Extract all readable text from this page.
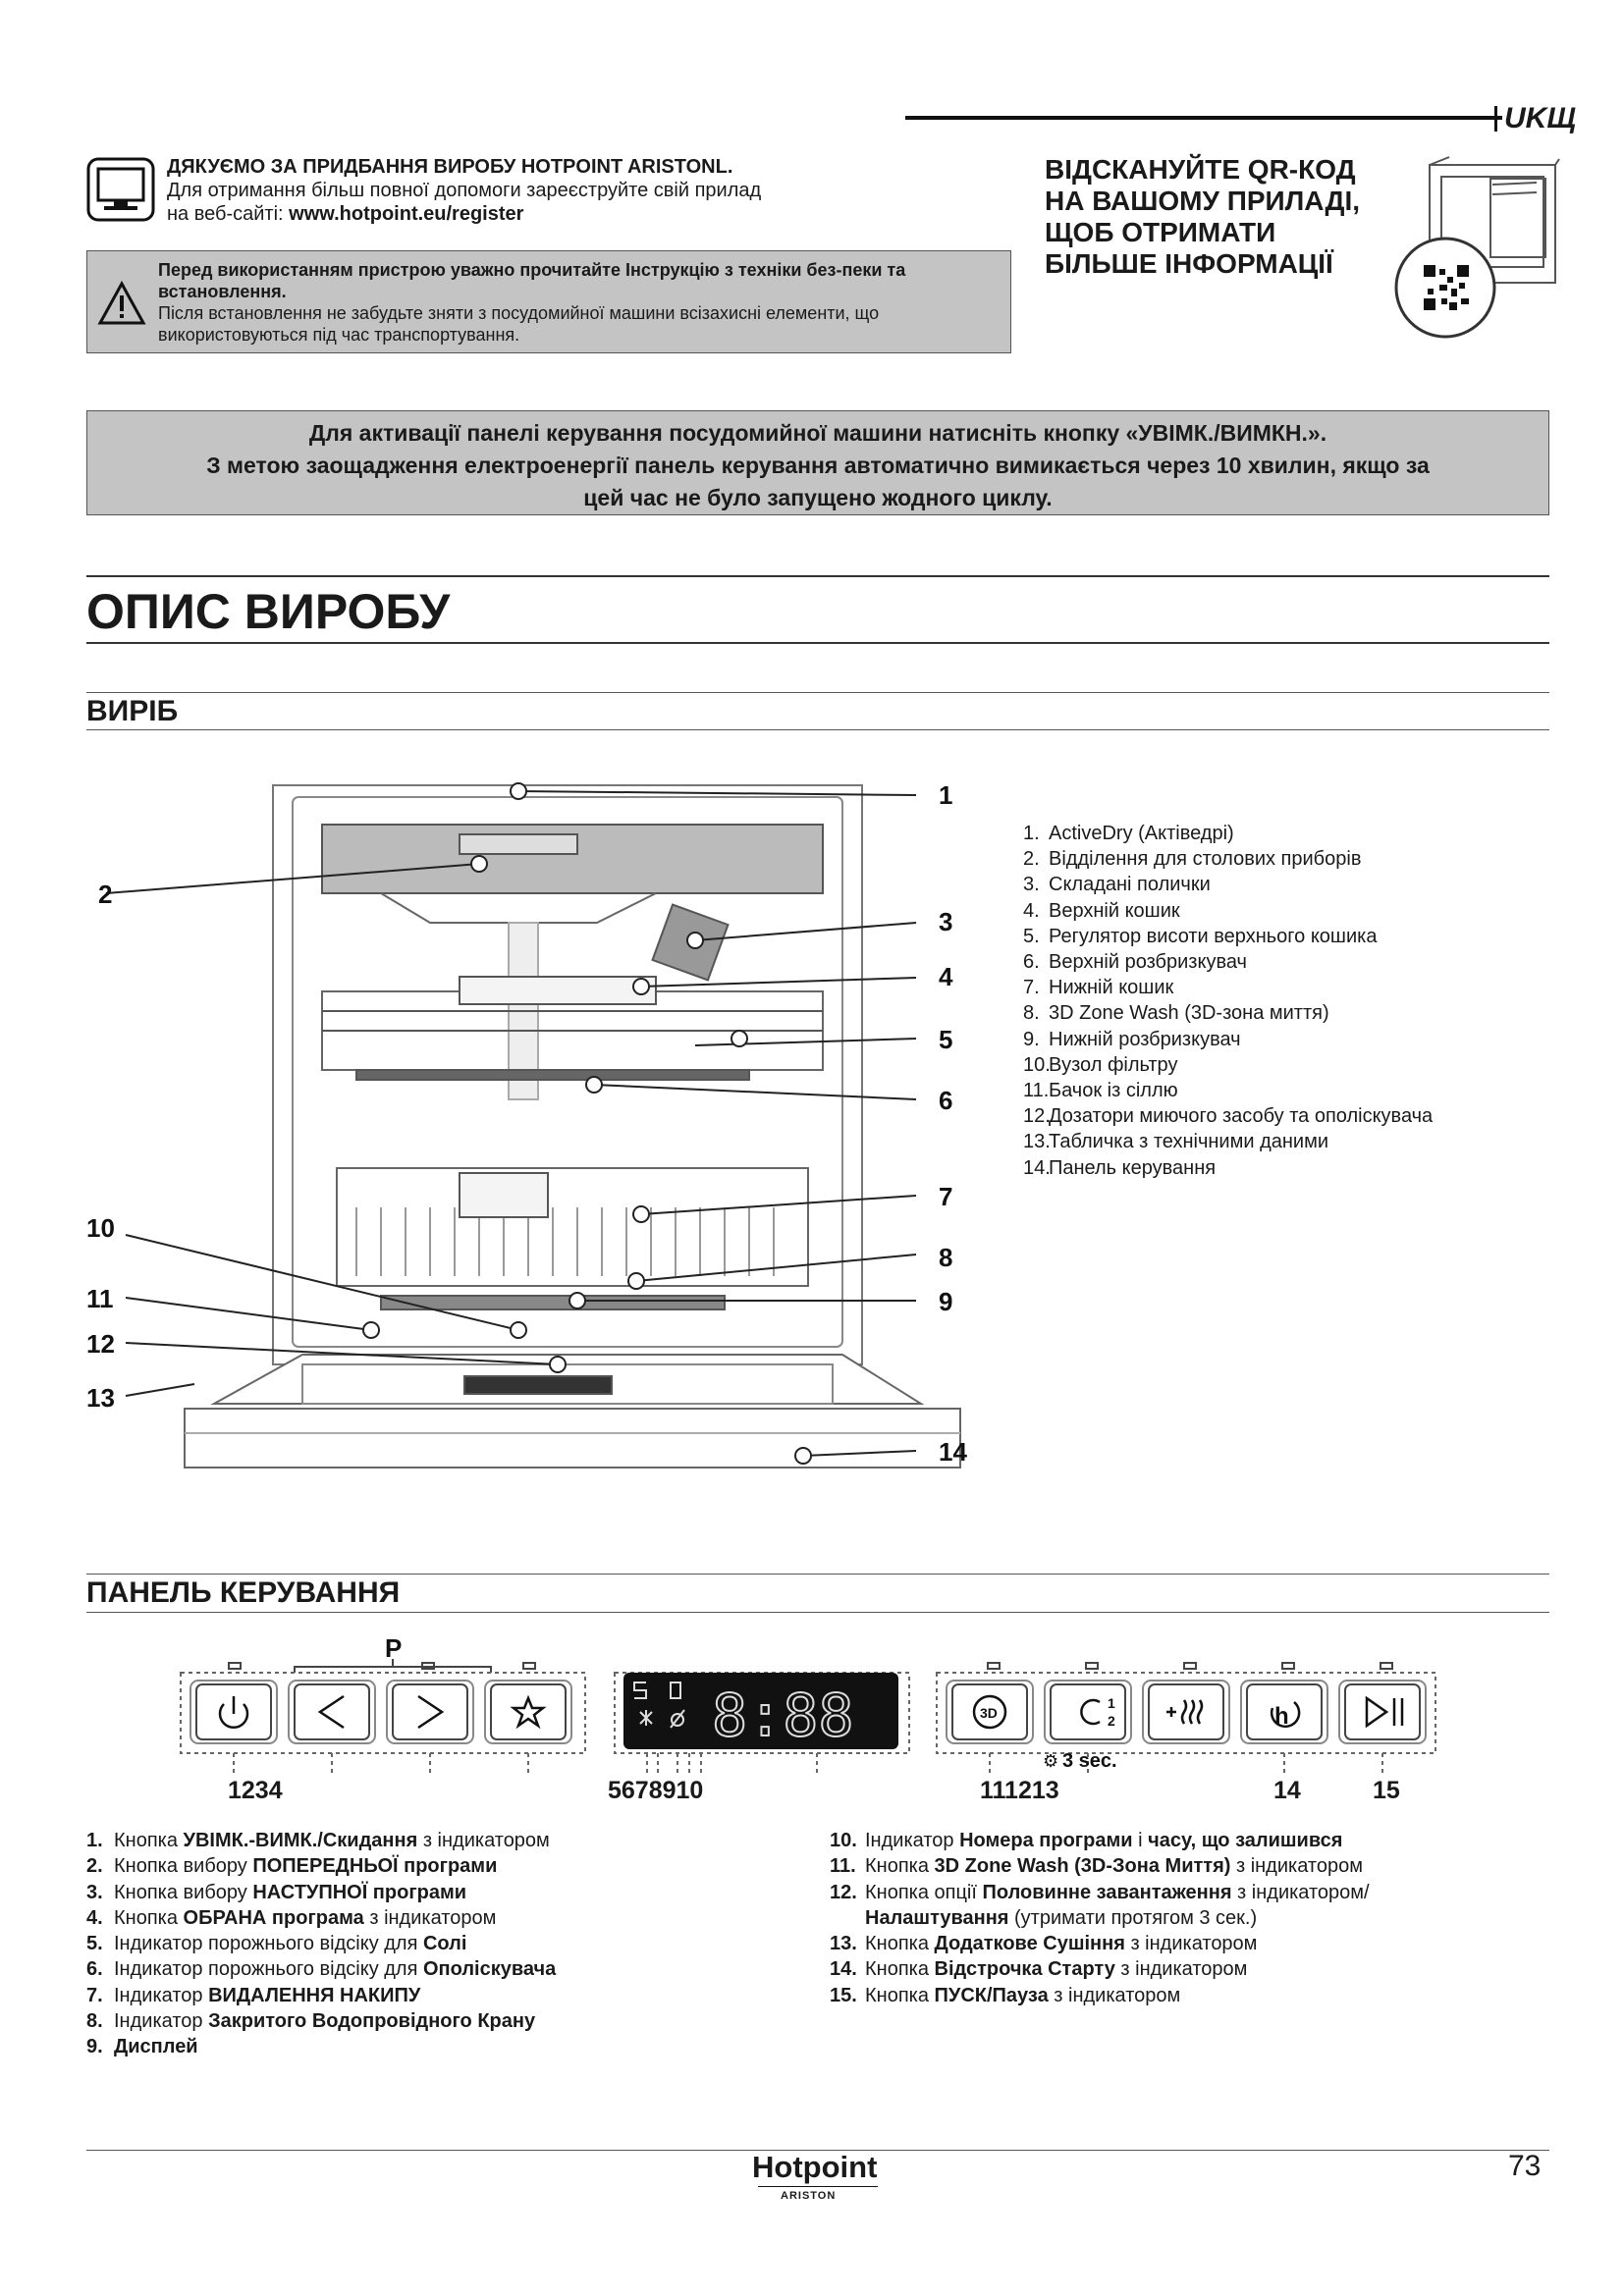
UKЩ
ДЯКУЄМО ЗА ПРИДБАННЯ ВИРОБУ HOTPOINT ARISTONL.
Для отримання більш повної допомоги зареєструйте свій прилад
на веб-сайті: www.hotpoint.eu/register
Перед використанням пристрою уважно прочитайте Інструкцію з техніки без-пеки та встановлення.
Після встановлення не забудьте зняти з посудомийної машини всізахисні елементи, що використовуються під час транспортування.
ВІДСКАНУЙТЕ QR-КОД
НА ВАШОМУ ПРИЛАДІ,
ЩОБ ОТРИМАТИ
БІЛЬШЕ ІНФОРМАЦІЇ
Для активації панелі керування посудомийної машини натисніть кнопку «УВІМК./ВИМКН.».
З метою заощадження електроенергії панель керування автоматично вимикається через 10 хвилин, якщо за
цей час не було запущено жодного циклу.
ОПИС ВИРОБУ
ВИРІБ
1
2
3
4
5
6
7
8
9
10
11
12
13
14
1. ActiveDry (Актіведрі)
2. Відділення для столових приборів
3. Складані полички
4. Верхній кошик
5. Регулятор висоти верхнього кошика
6. Верхній розбризкувач
7. Нижній кошик
8. 3D Zone Wash (3D-зона миття)
9. Нижній розбризкувач
10.Вузол фільтру
11.Бачок із сіллю
12.Дозатори миючого засобу та ополіскувача
13.Табличка з технічними даними
14.Панель керування
ПАНЕЛЬ КЕРУВАННЯ
P
8:88	3D
1
2	h
⚙ 3 sec.
1234	5678910	111213	14	15
1. Кнопка УВІМК.-ВИМК./Скидання з індикатором
2. Кнопка вибору ПОПЕРЕДНЬОЇ програми
3. Кнопка вибору НАСТУПНОЇ програми
4. Кнопка ОБРАНА програма з індикатором
5. Індикатор порожнього відсіку для Солі
6. Індикатор порожнього відсіку для Ополіскувача
7. Індикатор ВИДАЛЕННЯ НАКИПУ
8. Індикатор Закритого Водопровідного Крану
9. Дисплей
10. Індикатор Номера програми і часу, що залишився
11. Кнопка 3D Zone Wash (3D-Зона Миття) з індикатором
12. Кнопка опції Половинне завантаження з індикатором/
Налаштування (утримати протягом 3 сек.)
13. Кнопка Додаткове Сушіння з індикатором
14. Кнопка Відстрочка Старту з індикатором
15. Кнопка ПУСК/Пауза з індикатором
Hotpoint
ARISTON
73
